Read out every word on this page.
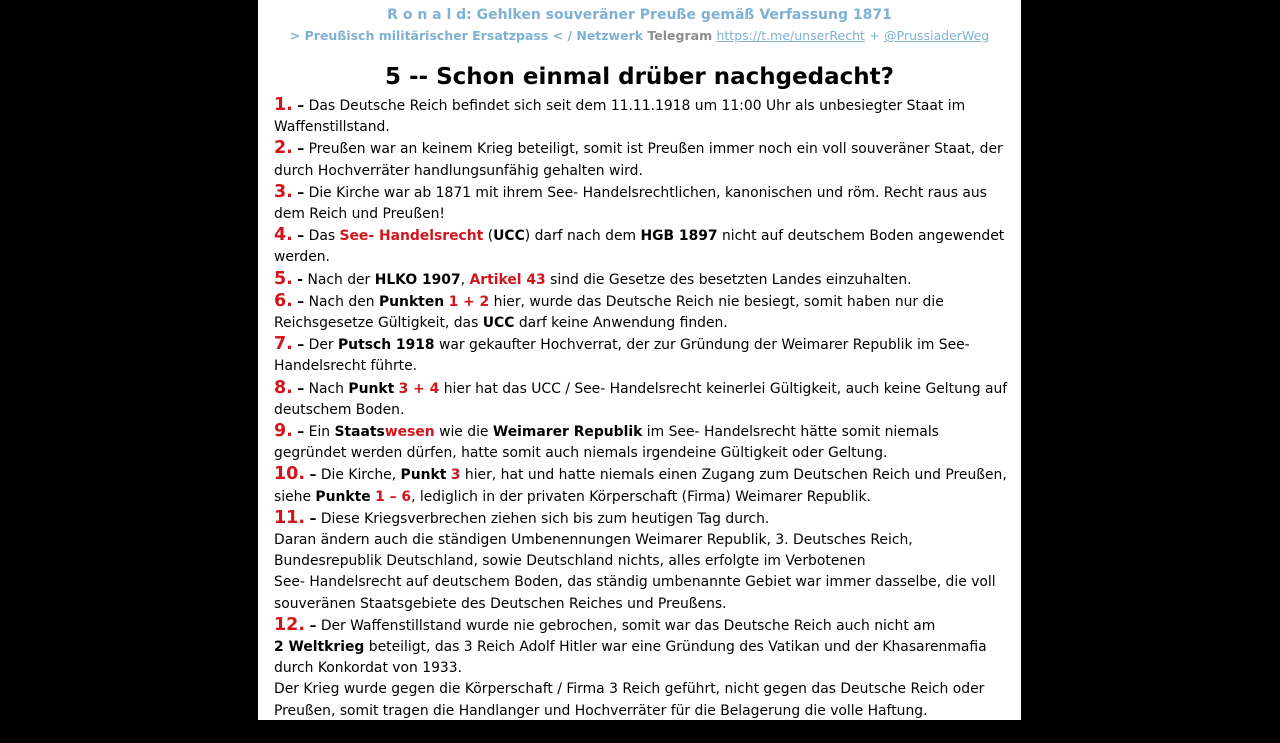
R o n a l d: Gehlken souveräner Preuße gemäß Verfassung 1871
> Preußisch militärischer Ersatzpass < / Netzwerk Telegram https://t.me/unserRecht + @PrussiaderWeg
5 -- Schon einmal drüber nachgedacht?

1. – Das Deutsche Reich befindet sich seit dem 11.11.1918 um 11:00 Uhr als unbesiegter Staat im Waffenstillstand.

2. – Preußen war an keinem Krieg beteiligt, somit ist Preußen immer noch ein voll souveräner Staat, der durch Hochverräter handlungsunfähig gehalten wird.

3. – Die Kirche war ab 1871 mit ihrem See- Handelsrechtlichen, kanonischen und röm. Recht raus aus dem Reich und Preußen!

4. – Das See- Handelsrecht (UCC) darf nach dem HGB 1897 nicht auf deutschem Boden angewendet werden.

5. - Nach der HLKO 1907, Artikel 43 sind die Gesetze des besetzten Landes einzuhalten.

6. – Nach den Punkten 1 + 2 hier, wurde das Deutsche Reich nie besiegt, somit haben nur die Reichsgesetze Gültigkeit, das UCC darf keine Anwendung finden.

7. – Der Putsch 1918 war gekaufter Hochverrat, der zur Gründung der Weimarer Republik im See- Handelsrecht führte.

8. – Nach Punkt 3 + 4 hier hat das UCC / See- Handelsrecht keinerlei Gültigkeit, auch keine Geltung auf deutschem Boden.

9. – Ein Staatswesen wie die Weimarer Republik im See- Handelsrecht hätte somit niemals gegründet werden dürfen, hatte somit auch niemals irgendeine Gültigkeit oder Geltung.

10. – Die Kirche, Punkt 3 hier, hat und hatte niemals einen Zugang zum Deutschen Reich und Preußen, siehe Punkte 1 – 6, lediglich in der privaten Körperschaft (Firma) Weimarer Republik.

11. – Diese Kriegsverbrechen ziehen sich bis zum heutigen Tag durch.
Daran ändern auch die ständigen Umbenennungen Weimarer Republik, 3. Deutsches Reich,
Bundesrepublik Deutschland, sowie Deutschland nichts, alles erfolgte im Verbotenen
See- Handelsrecht auf deutschem Boden, das ständig umbenannte Gebiet war immer dasselbe, die voll souveränen Staatsgebiete des Deutschen Reiches und Preußens.

12. – Der Waffenstillstand wurde nie gebrochen, somit war das Deutsche Reich auch nicht am
2 Weltkrieg beteiligt, das 3 Reich Adolf Hitler war eine Gründung des Vatikan und der Khasarenmafia durch Konkordat von 1933.
Der Krieg wurde gegen die Körperschaft / Firma 3 Reich geführt, nicht gegen das Deutsche Reich oder Preußen, somit tragen die Handlanger und Hochverräter für die Belagerung die volle Haftung.

Nichts hat hier irgendeine Geltung, alles ist bösartig kriminell!
